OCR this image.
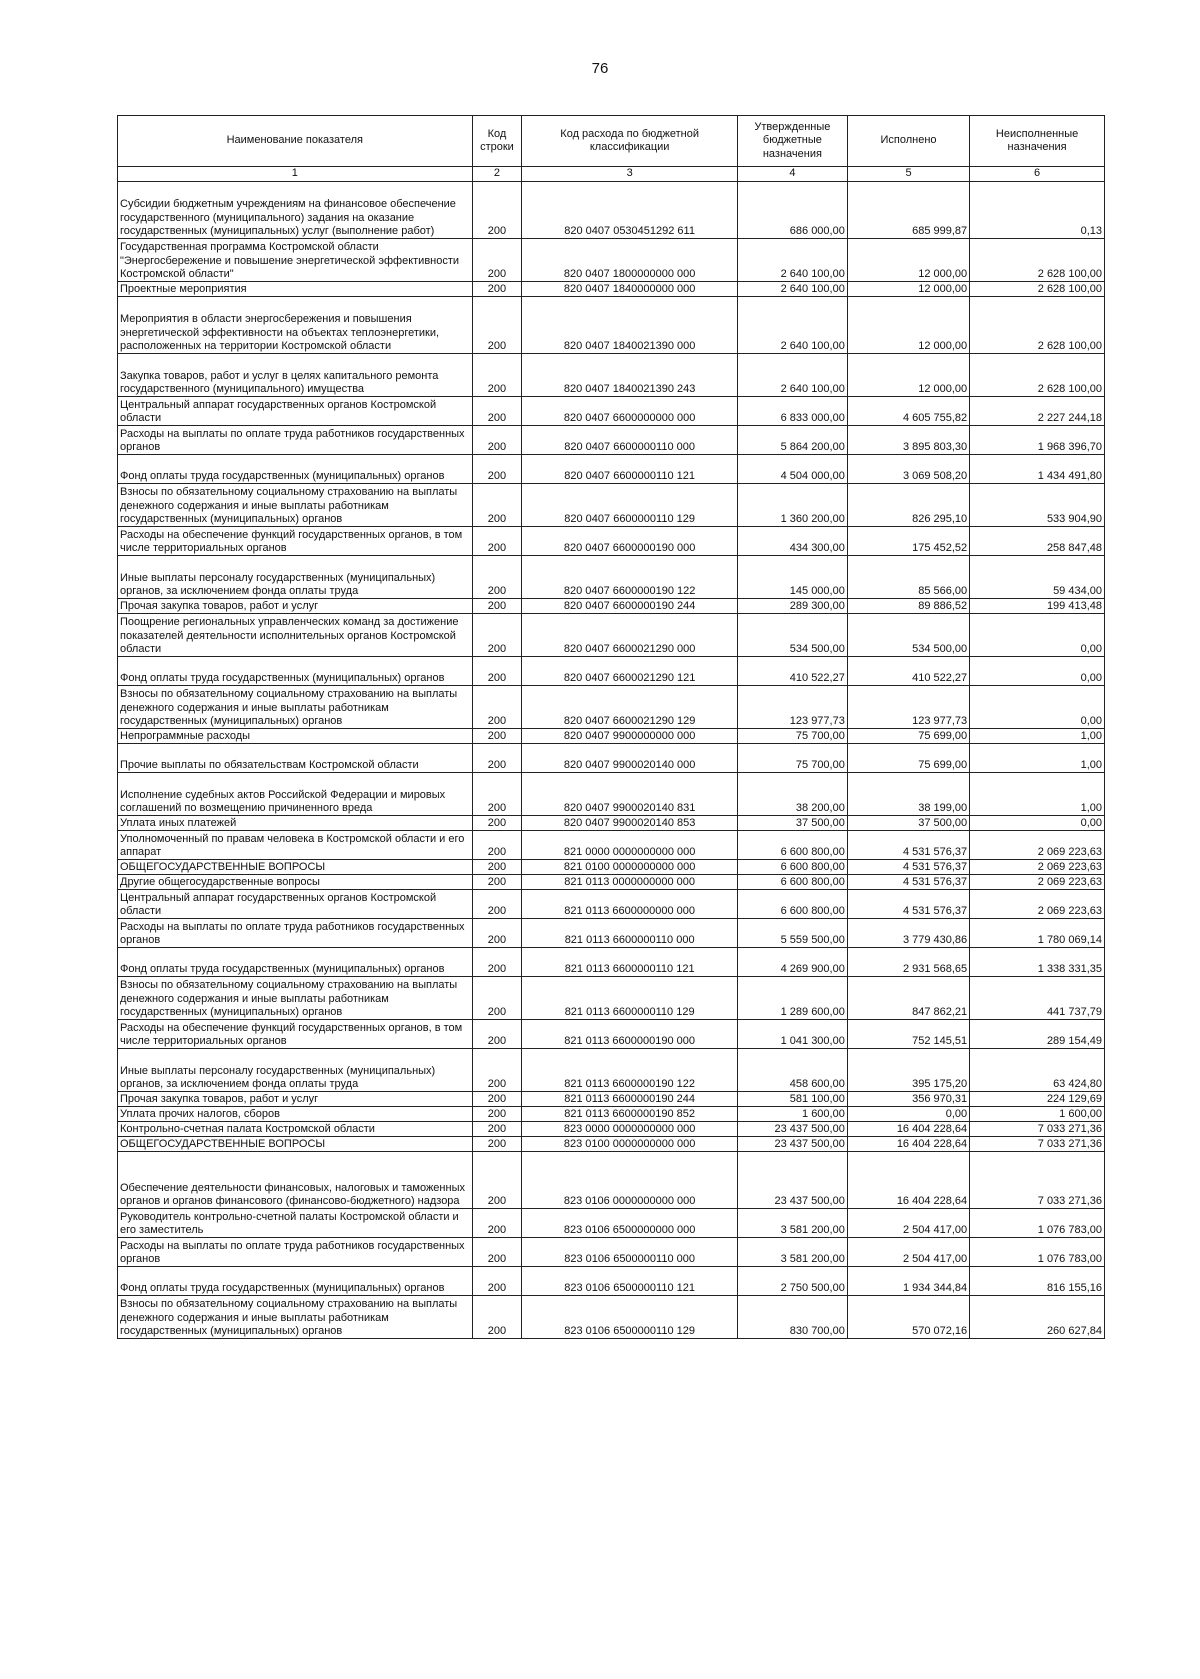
76
Наименование показателя	Код строки	Код расхода по бюджетной классификации	Утвержденные бюджетные назначения	Исполнено	Неисполненные назначения
1	2	3	4	5	6
Субсидии бюджетным учреждениям на финансовое обеспечение государственного (муниципального) задания на оказание государственных (муниципальных) услуг (выполнение работ)	200	820 0407 0530451292 611	686 000,00	685 999,87	0,13
Государственная программа Костромской области "Энергосбережение и повышение энергетической эффективности Костромской области"	200	820 0407 1800000000 000	2 640 100,00	12 000,00	2 628 100,00
Проектные мероприятия	200	820 0407 1840000000 000	2 640 100,00	12 000,00	2 628 100,00
Мероприятия в области энергосбережения и повышения энергетической эффективности на объектах теплоэнергетики, расположенных на территории Костромской области	200	820 0407 1840021390 000	2 640 100,00	12 000,00	2 628 100,00
Закупка товаров, работ и услуг в целях капитального ремонта государственного (муниципального) имущества	200	820 0407 1840021390 243	2 640 100,00	12 000,00	2 628 100,00
Центральный аппарат государственных органов Костромской области	200	820 0407 6600000000 000	6 833 000,00	4 605 755,82	2 227 244,18
Расходы на выплаты по оплате труда работников государственных органов	200	820 0407 6600000110 000	5 864 200,00	3 895 803,30	1 968 396,70
Фонд оплаты труда государственных (муниципальных) органов	200	820 0407 6600000110 121	4 504 000,00	3 069 508,20	1 434 491,80
Взносы по обязательному социальному страхованию на выплаты денежного содержания и иные выплаты работникам государственных (муниципальных) органов	200	820 0407 6600000110 129	1 360 200,00	826 295,10	533 904,90
Расходы на обеспечение функций государственных органов, в том числе территориальных органов	200	820 0407 6600000190 000	434 300,00	175 452,52	258 847,48
Иные выплаты персоналу государственных (муниципальных) органов, за исключением фонда оплаты труда	200	820 0407 6600000190 122	145 000,00	85 566,00	59 434,00
Прочая закупка товаров, работ и услуг	200	820 0407 6600000190 244	289 300,00	89 886,52	199 413,48
Поощрение региональных управленческих команд за достижение показателей деятельности исполнительных органов Костромской области	200	820 0407 6600021290 000	534 500,00	534 500,00	0,00
Фонд оплаты труда государственных (муниципальных) органов	200	820 0407 6600021290 121	410 522,27	410 522,27	0,00
Взносы по обязательному социальному страхованию на выплаты денежного содержания и иные выплаты работникам государственных (муниципальных) органов	200	820 0407 6600021290 129	123 977,73	123 977,73	0,00
Непрограммные расходы	200	820 0407 9900000000 000	75 700,00	75 699,00	1,00
Прочие выплаты по обязательствам Костромской области	200	820 0407 9900020140 000	75 700,00	75 699,00	1,00
Исполнение судебных актов Российской Федерации и мировых соглашений по возмещению причиненного вреда	200	820 0407 9900020140 831	38 200,00	38 199,00	1,00
Уплата иных платежей	200	820 0407 9900020140 853	37 500,00	37 500,00	0,00
Уполномоченный по правам человека в Костромской области и его аппарат	200	821 0000 0000000000 000	6 600 800,00	4 531 576,37	2 069 223,63
ОБЩЕГОСУДАРСТВЕННЫЕ ВОПРОСЫ	200	821 0100 0000000000 000	6 600 800,00	4 531 576,37	2 069 223,63
Другие общегосударственные вопросы	200	821 0113 0000000000 000	6 600 800,00	4 531 576,37	2 069 223,63
Центральный аппарат государственных органов Костромской области	200	821 0113 6600000000 000	6 600 800,00	4 531 576,37	2 069 223,63
Расходы на выплаты по оплате труда работников государственных органов	200	821 0113 6600000110 000	5 559 500,00	3 779 430,86	1 780 069,14
Фонд оплаты труда государственных (муниципальных) органов	200	821 0113 6600000110 121	4 269 900,00	2 931 568,65	1 338 331,35
Взносы по обязательному социальному страхованию на выплаты денежного содержания и иные выплаты работникам государственных (муниципальных) органов	200	821 0113 6600000110 129	1 289 600,00	847 862,21	441 737,79
Расходы на обеспечение функций государственных органов, в том числе территориальных органов	200	821 0113 6600000190 000	1 041 300,00	752 145,51	289 154,49
Иные выплаты персоналу государственных (муниципальных) органов, за исключением фонда оплаты труда	200	821 0113 6600000190 122	458 600,00	395 175,20	63 424,80
Прочая закупка товаров, работ и услуг	200	821 0113 6600000190 244	581 100,00	356 970,31	224 129,69
Уплата прочих налогов, сборов	200	821 0113 6600000190 852	1 600,00	0,00	1 600,00
Контрольно-счетная палата Костромской области	200	823 0000 0000000000 000	23 437 500,00	16 404 228,64	7 033 271,36
ОБЩЕГОСУДАРСТВЕННЫЕ ВОПРОСЫ	200	823 0100 0000000000 000	23 437 500,00	16 404 228,64	7 033 271,36
Обеспечение деятельности финансовых, налоговых и таможенных органов и органов финансового (финансово-бюджетного) надзора	200	823 0106 0000000000 000	23 437 500,00	16 404 228,64	7 033 271,36
Руководитель контрольно-счетной палаты Костромской области и его заместитель	200	823 0106 6500000000 000	3 581 200,00	2 504 417,00	1 076 783,00
Расходы на выплаты по оплате труда работников государственных органов	200	823 0106 6500000110 000	3 581 200,00	2 504 417,00	1 076 783,00
Фонд оплаты труда государственных (муниципальных) органов	200	823 0106 6500000110 121	2 750 500,00	1 934 344,84	816 155,16
Взносы по обязательному социальному страхованию на выплаты денежного содержания и иные выплаты работникам государственных (муниципальных) органов	200	823 0106 6500000110 129	830 700,00	570 072,16	260 627,84
